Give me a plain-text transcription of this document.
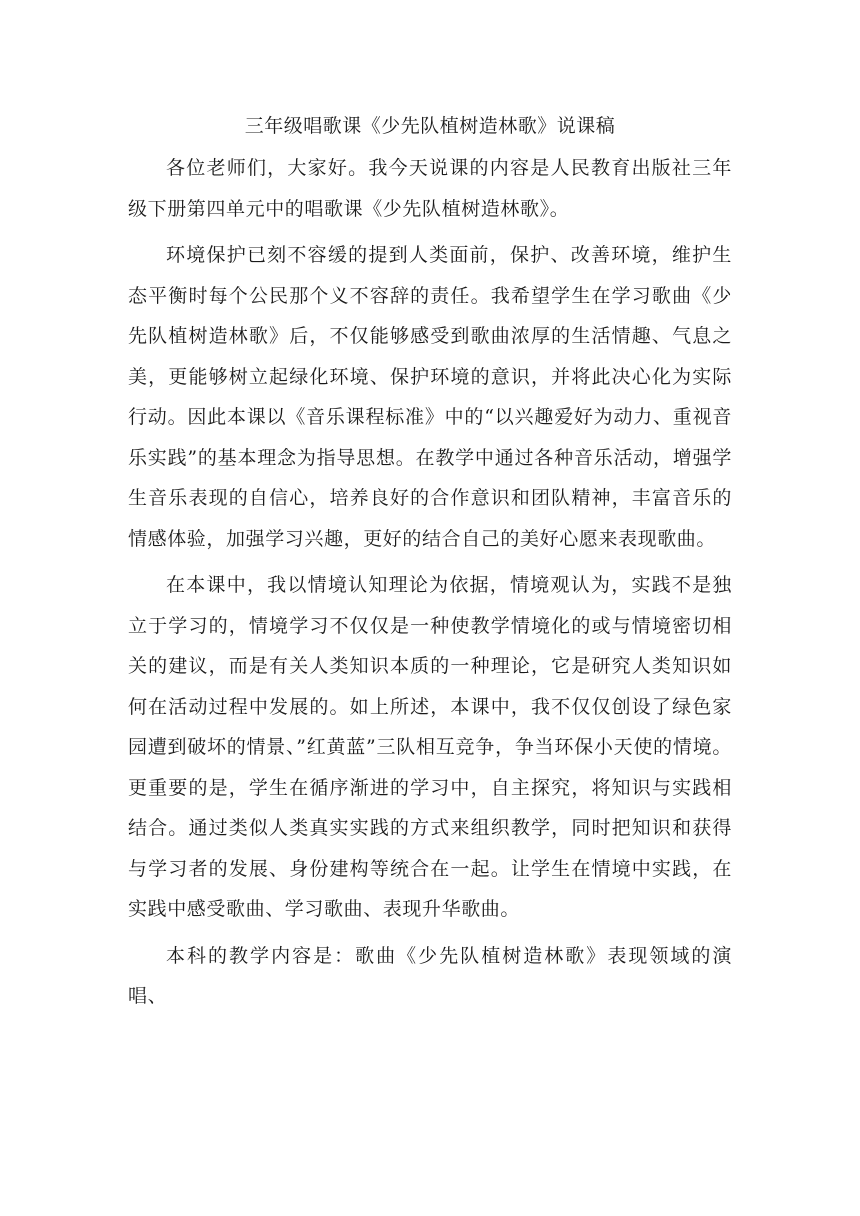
三年级唱歌课《少先队植树造林歌》说课稿

各位老师们，大家好。我今天说课的内容是人民教育出版社三年级下册第四单元中的唱歌课《少先队植树造林歌》。

环境保护已刻不容缓的提到人类面前，保护、改善环境，维护生态平衡时每个公民那个义不容辞的责任。我希望学生在学习歌曲《少先队植树造林歌》后，不仅能够感受到歌曲浓厚的生活情趣、气息之美，更能够树立起绿化环境、保护环境的意识，并将此决心化为实际行动。因此本课以《音乐课程标准》中的“以兴趣爱好为动力、重视音乐实践”的基本理念为指导思想。在教学中通过各种音乐活动，增强学生音乐表现的自信心，培养良好的合作意识和团队精神，丰富音乐的情感体验，加强学习兴趣，更好的结合自己的美好心愿来表现歌曲。

在本课中，我以情境认知理论为依据，情境观认为，实践不是独立于学习的，情境学习不仅仅是一种使教学情境化的或与情境密切相关的建议，而是有关人类知识本质的一种理论，它是研究人类知识如何在活动过程中发展的。如上所述，本课中，我不仅仅创设了绿色家园遭到破坏的情景、”红黄蓝”三队相互竞争，争当环保小天使的情境。更重要的是，学生在循序渐进的学习中，自主探究，将知识与实践相结合。通过类似人类真实实践的方式来组织教学，同时把知识和获得与学习者的发展、身份建构等统合在一起。让学生在情境中实践，在实践中感受歌曲、学习歌曲、表现升华歌曲。

本科的教学内容是：歌曲《少先队植树造林歌》表现领域的演唱、
